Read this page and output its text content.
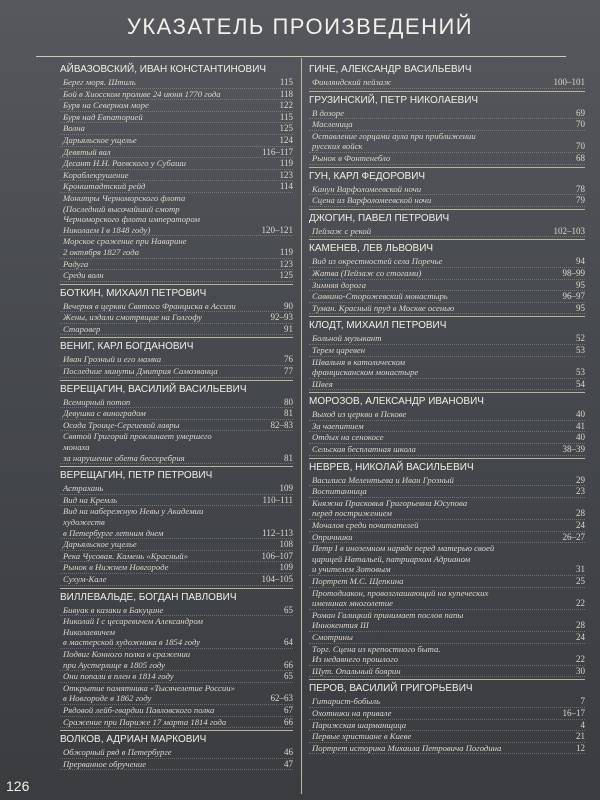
УКАЗАТЕЛЬ ПРОИЗВЕДЕНИЙ
АЙВАЗОВСКИЙ, ИВАН КОНСТАНТИНОВИЧ
Берег моря. Штиль	115
Бой в Хиосском проливе 24 июня 1770 года	118
Буря на Северном море	122
Буря над Евпаторией	115
Волна	125
Дарьяльское ущелье	124
Девятый вал	116–117
Десант Н.Н. Раевского у Субаши	119
Кораблекрушение	123
Кронштадтский рейд	114
Монитры Черноморского флота
(Последний высочайший смотр
Черноморского флота императором
Николаем I в 1848 году)	120–121
Морское сражение при Наварине
2 октября 1827 года	119
Радуга	123
Среди волн	125
БОТКИН, МИХАИЛ ПЕТРОВИЧ
Вечерня в церкви Святого Франциска в Ассизи	90
Жены, издали смотрящие на Голгофу	92–93
Старовер	91
ВЕНИГ, КАРЛ БОГДАНОВИЧ
Иван Грозный и его мамка	76
Последние минуты Дмитрия Самозванца	77
ВЕРЕЩАГИН, ВАСИЛИЙ ВАСИЛЬЕВИЧ
Всемирный потоп	80
Девушка с виноградом	81
Осада Троице-Сергиевой лавры	82–83
Святой Григорий проклинает умершего монаха
за нарушение обета бессеребрия	81
ВЕРЕЩАГИН, ПЕТР ПЕТРОВИЧ
Астрахань	109
Вид на Кремль	110–111
Вид на набережную Невы у Академии художеств
в Петербурге летним днем	112–113
Дарьяльское ущелье	108
Река Чусовая. Камень «Красный»	106–107
Рынок в Нижнем Новгороде	109
Сухум-Кале	104–105
ВИЛЛЕВАЛЬДЕ, БОГДАН ПАВЛОВИЧ
Бивуак в казаки в Бакуцине	65
Николай I с цесаревичем Александром Николаевичем
в мастерской художника в 1854 году	64
Подвиг Конного полка в сражении
при Аустерлице в 1805 году	66
Они попали в плен в 1814 году	65
Открытие памятника «Тысячелетие России»
в Новгороде в 1862 году	62–63
Рядовой лейб-гвардии Павловского полка	67
Сражение при Париже 17 марта 1814 года	66
ВОЛКОВ, АДРИАН МАРКОВИЧ
Обжорный ряд в Петербурге	46
Прерванное обручение	47
ГИНЕ, АЛЕКСАНДР ВАСИЛЬЕВИЧ
Финляндский пейзаж	100–101
ГРУЗИНСКИЙ, ПЕТР НИКОЛАЕВИЧ
В дозоре	69
Масленица	70
Оставление горцами аула при приближении
русских войск	70
Рынок в Фонтенебло	68
ГУН, КАРЛ ФЕДОРОВИЧ
Канун Варфоломеевской ночи	78
Сцена из Варфоломеевской ночи	79
ДЖОГИН, ПАВЕЛ ПЕТРОВИЧ
Пейзаж с рекой	102–103
КАМЕНЕВ, ЛЕВ ЛЬВОВИЧ
Вид из окрестностей села Поречье	94
Жатва (Пейзаж со стогами)	98–99
Зимняя дорога	95
Саввино-Сторожевский монастырь	96–97
Туман. Красный пруд в Москве осенью	95
КЛОДТ, МИХАИЛ ПЕТРОВИЧ
Больной музыкант	52
Терем царевен	53
Швальня в католическом
францисканском монастыре	53
Швея	54
МОРОЗОВ, АЛЕКСАНДР ИВАНОВИЧ
Выход из церкви в Пскове	40
За чаепитием	41
Отдых на сенокосе	40
Сельская бесплатная школа	38–39
НЕВРЕВ, НИКОЛАЙ ВАСИЛЬЕВИЧ
Василиса Мелентьева и Иван Грозный	29
Воспитанница	23
Княжна Прасковья Григорьевна Юсупова
перед пострижением	28
Мочалов среди почитателей	24
Опричники	26–27
Петр I в иноземном наряде перед матерью своей
царицей Натальей, патриархом Адрианом
и учителем Зотовым	31
Портрет М.С. Щепкина	25
Протодиакон, провозглашающий на купеческих
именинах многолетие	22
Роман Галицкий принимает послов папы
Иннокентия III	28
Смотрины	24
Торг. Сцена из крепостного быта.
Из недавнего прошлого	22
Шут. Опальный боярин	30
ПЕРОВ, ВАСИЛИЙ ГРИГОРЬЕВИЧ
Гитарист-бобыль	7
Охотники на привале	16–17
Парижская шарманщица	4
Первые христиане в Киеве	21
Портрет историка Михаила Петровича Погодина	12
126
